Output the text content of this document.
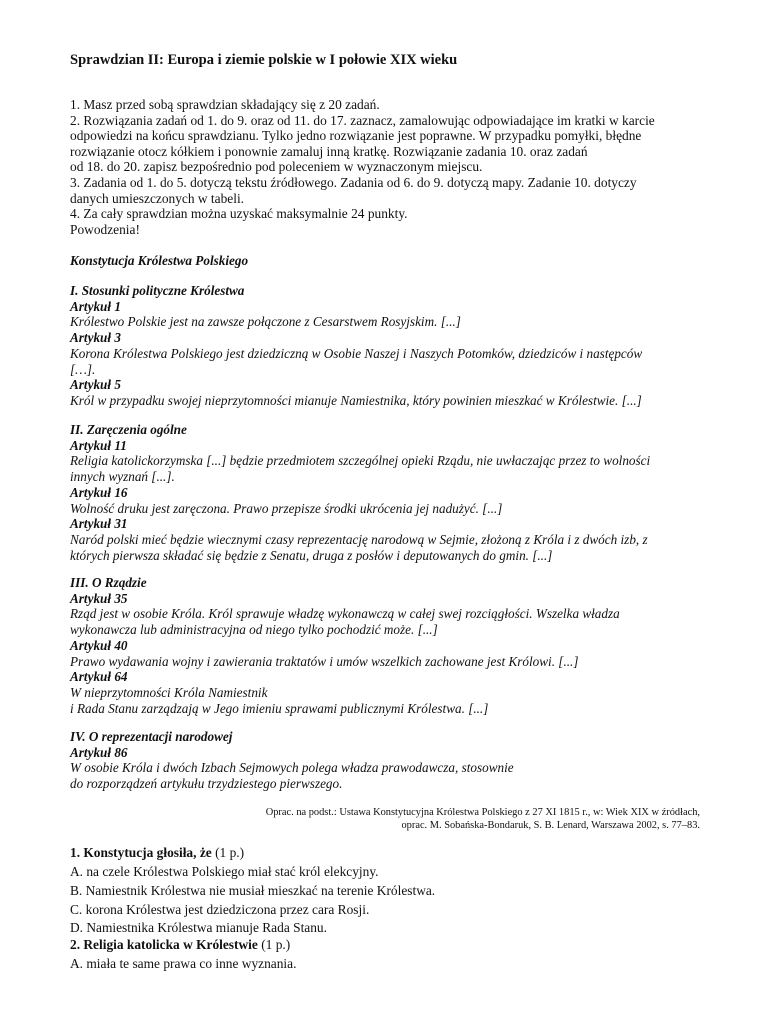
Sprawdzian II: Europa i ziemie polskie w I połowie XIX wieku
1. Masz przed sobą sprawdzian składający się z 20 zadań.
2. Rozwiązania zadań od 1. do 9. oraz od 11. do 17. zaznacz, zamalowując odpowiadające im kratki w karcie
odpowiedzi na końcu sprawdzianu. Tylko jedno rozwiązanie jest poprawne. W przypadku pomyłki, błędne
rozwiązanie otocz kółkiem i ponownie zamaluj inną kratkę. Rozwiązanie zadania 10. oraz zadań
od 18. do 20. zapisz bezpośrednio pod poleceniem w wyznaczonym miejscu.
3. Zadania od 1. do 5. dotyczą tekstu źródłowego. Zadania od 6. do 9. dotyczą mapy. Zadanie 10. dotyczy
danych umieszczonych w tabeli.
4. Za cały sprawdzian można uzyskać maksymalnie 24 punkty.
Powodzenia!
Konstytucja Królestwa Polskiego
I. Stosunki polityczne Królestwa
Artykuł 1
Królestwo Polskie jest na zawsze połączone z Cesarstwem Rosyjskim. [...]
Artykuł 3
Korona Królestwa Polskiego jest dziedziczną w Osobie Naszej i Naszych Potomków, dziedziców i następców
[…].
Artykuł 5
Król w przypadku swojej nieprzytomności mianuje Namiestnika, który powinien mieszkać w Królestwie. [...]
II. Zaręczenia ogólne
Artykuł 11
Religia katolickorzymska [...] będzie przedmiotem szczególnej opieki Rządu, nie uwłaczając przez to wolności
innych wyznań [...].
Artykuł 16
Wolność druku jest zaręczona. Prawo przepisze środki ukrócenia jej nadużyć. [...]
Artykuł 31
Naród polski mieć będzie wiecznymi czasy reprezentację narodową w Sejmie, złożoną z Króla i z dwóch izb, z
których pierwsza składać się będzie z Senatu, druga z posłów i deputowanych do gmin. [...]
III. O Rządzie
Artykuł 35
Rząd jest w osobie Króla. Król sprawuje władzę wykonawczą w całej swej rozciągłości. Wszelka władza
wykonawcza lub administracyjna od niego tylko pochodzić może. [...]
Artykuł 40
Prawo wydawania wojny i zawierania traktatów i umów wszelkich zachowane jest Królowi. [...]
Artykuł 64
W nieprzytomności Króla Namiestnik
i Rada Stanu zarządzają w Jego imieniu sprawami publicznymi Królestwa. [...]
IV. O reprezentacji narodowej
Artykuł 86
W osobie Króla i dwóch Izbach Sejmowych polega władza prawodawcza, stosownie
do rozporządzeń artykułu trzydziestego pierwszego.
Oprac. na podst.: Ustawa Konstytucyjna Królestwa Polskiego z 27 XI 1815 r., w: Wiek XIX w źródłach,
oprac. M. Sobańska-Bondaruk, S. B. Lenard, Warszawa 2002, s. 77–83.
1. Konstytucja głosiła, że (1 p.)
A. na czele Królestwa Polskiego miał stać król elekcyjny.
B. Namiestnik Królestwa nie musiał mieszkać na terenie Królestwa.
C. korona Królestwa jest dziedziczona przez cara Rosji.
D. Namiestnika Królestwa mianuje Rada Stanu.
2. Religia katolicka w Królestwie (1 p.)
A. miała te same prawa co inne wyznania.
